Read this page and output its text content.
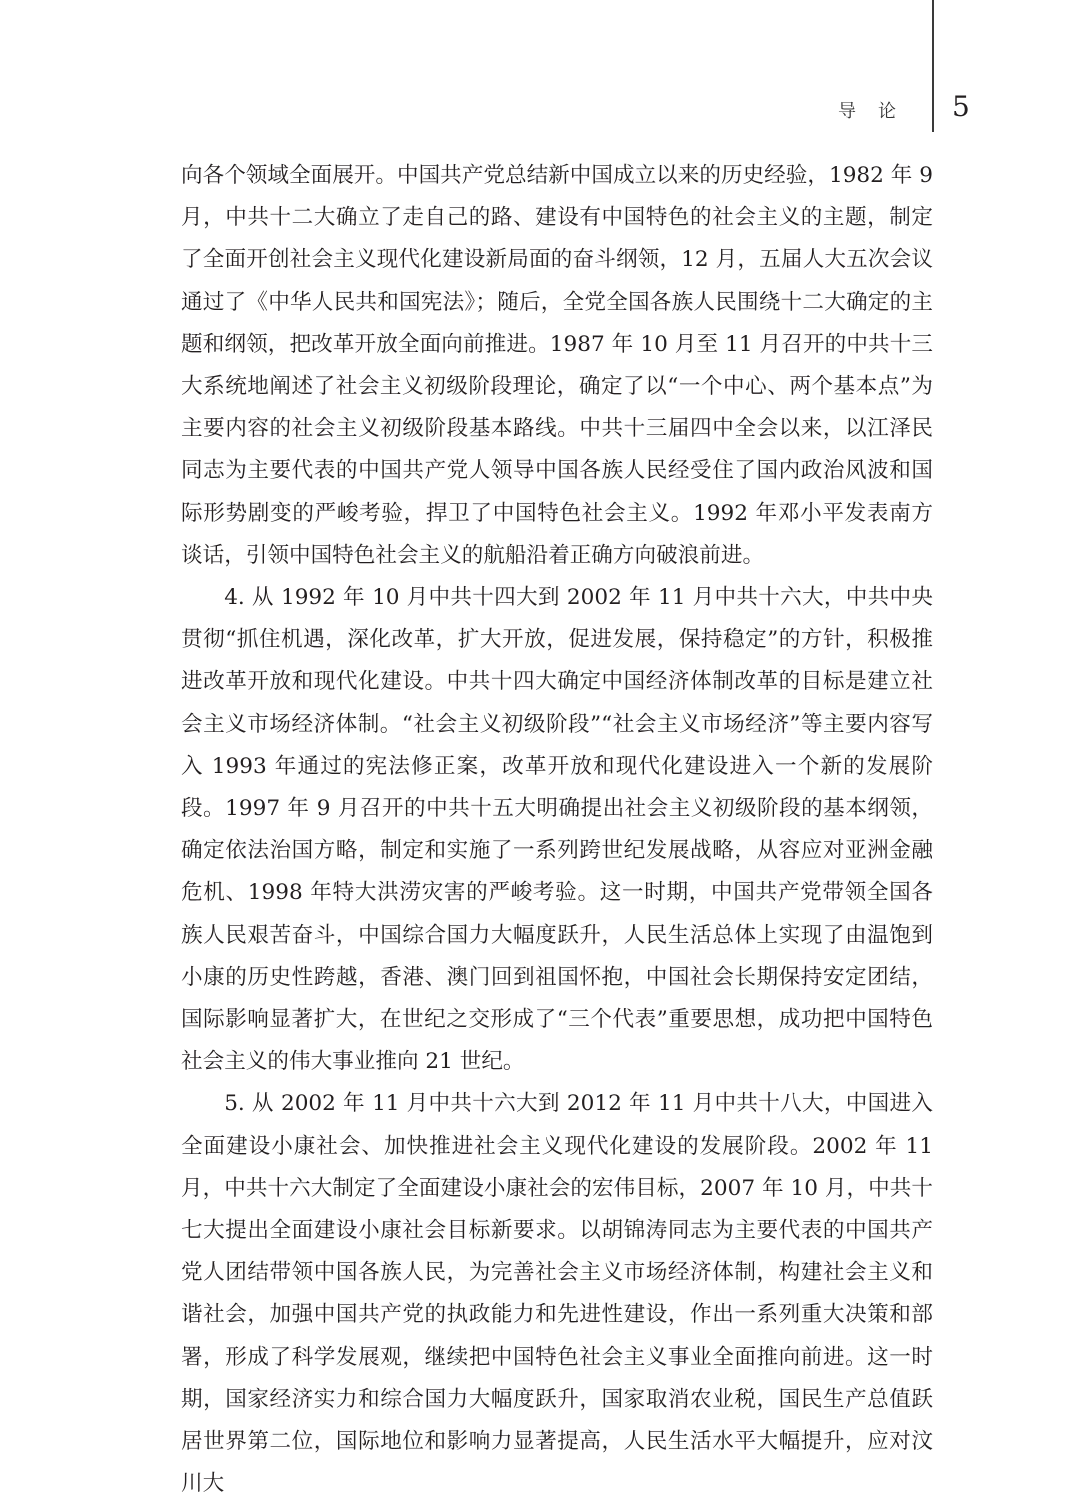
导论 5

向各个领域全面展开。中国共产党总结新中国成立以来的历史经验，1982 年 9 月，中共十二大确立了走自己的路、建设有中国特色的社会主义的主题，制定了全面开创社会主义现代化建设新局面的奋斗纲领，12 月，五届人大五次会议通过了《中华人民共和国宪法》；随后，全党全国各族人民围绕十二大确定的主题和纲领，把改革开放全面向前推进。1987 年 10 月至 11 月召开的中共十三大系统地阐述了社会主义初级阶段理论，确定了以“一个中心、两个基本点”为主要内容的社会主义初级阶段基本路线。中共十三届四中全会以来，以江泽民同志为主要代表的中国共产党人领导中国各族人民经受住了国内政治风波和国际形势剧变的严峻考验，捍卫了中国特色社会主义。1992 年邓小平发表南方谈话，引领中国特色社会主义的航船沿着正确方向破浪前进。

4. 从 1992 年 10 月中共十四大到 2002 年 11 月中共十六大，中共中央贯彻“抓住机遇，深化改革，扩大开放，促进发展，保持稳定”的方针，积极推进改革开放和现代化建设。中共十四大确定中国经济体制改革的目标是建立社会主义市场经济体制。“社会主义初级阶段”“社会主义市场经济”等主要内容写入 1993 年通过的宪法修正案，改革开放和现代化建设进入一个新的发展阶段。1997 年 9 月召开的中共十五大明确提出社会主义初级阶段的基本纲领，确定依法治国方略，制定和实施了一系列跨世纪发展战略，从容应对亚洲金融危机、1998 年特大洪涝灾害的严峻考验。这一时期，中国共产党带领全国各族人民艰苦奋斗，中国综合国力大幅度跃升，人民生活总体上实现了由温饱到小康的历史性跨越，香港、澳门回到祖国怀抱，中国社会长期保持安定团结，国际影响显著扩大，在世纪之交形成了“三个代表”重要思想，成功把中国特色社会主义的伟大事业推向 21 世纪。

5. 从 2002 年 11 月中共十六大到 2012 年 11 月中共十八大，中国进入全面建设小康社会、加快推进社会主义现代化建设的发展阶段。2002 年 11 月，中共十六大制定了全面建设小康社会的宏伟目标，2007 年 10 月，中共十七大提出全面建设小康社会目标新要求。以胡锦涛同志为主要代表的中国共产党人团结带领中国各族人民，为完善社会主义市场经济体制，构建社会主义和谐社会，加强中国共产党的执政能力和先进性建设，作出一系列重大决策和部署，形成了科学发展观，继续把中国特色社会主义事业全面推向前进。这一时期，国家经济实力和综合国力大幅度跃升，国家取消农业税，国民生产总值跃居世界第二位，国际地位和影响力显著提高，人民生活水平大幅提升，应对汶川大
